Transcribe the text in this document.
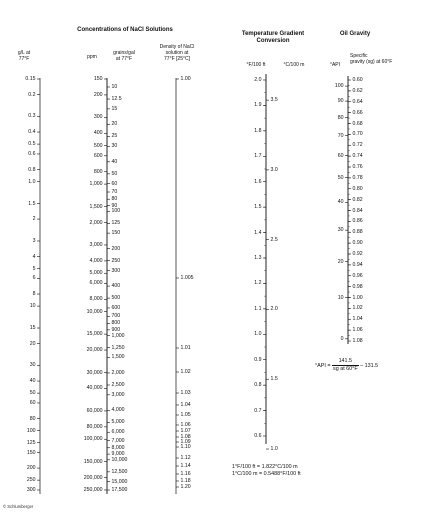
Concentrations of NaCl Solutions
Temperature Gradient
Conversion
Oil Gravity
g/L at
77°F	ppm
grains/gal
at 77°F
Density of NaCl
solution at
77°F [25°C]
°F/100 ft	°C/100 m	°API
Specific
gravity (sg) at 60°F
0.15
0.2
0.3
0.4
0.5
0.6
0.8
1.0
1.5
2
3
4
5
6
8
10
15
20
30
40
50
60
80
100
125
150
200
250
300
150
200
300
400
500
600
800
1,000
1,500
2,000
3,000
4,000
5,000
6,000
8,000
10,000
15,000
20,000
30,000
40,000
60,000
80,000
100,000
150,000
200,000
250,000
10
12.5
15
20
25
30
40
50
60
70
80
90
100
125
150
200
250
300
400
500
600
700
800
900
1,000
1,250
1,500
2,000
2,500
3,000
4,000
5,000
6,000
7,000
8,000
9,000
10,000
12,500
15,000
17,500
1.00
1.005
1.01
1.02
1.03
1.04
1.05
1.06
1.07
1.08
1.09
1.10
1.12
1.14
1.16
1.18
1.20
2.0
1.9
1.8
1.7
1.6
1.5
1.4
1.3
1.2
1.1
1.0
0.9
0.8
0.7
0.6
3.5
3.0
2.5
2.0
1.5
1.0
0.60
0.62
0.64
0.66
0.68
0.70
0.72
0.74
0.76
0.78
0.80
0.82
0.84
0.86
0.88
0.90
0.92
0.94
0.96
0.98
1.00
1.02
1.04
1.06
1.08
100
90
80
70
60
50
40
30
20
10
0
$^\circ API = \frac{141.5}{\text{sg at 60°F}} - 131.5$
1°F/100 ft = 1.822°C/100 m
1°C/100 m = 0.5488°F/100 ft
© Schlumberger
